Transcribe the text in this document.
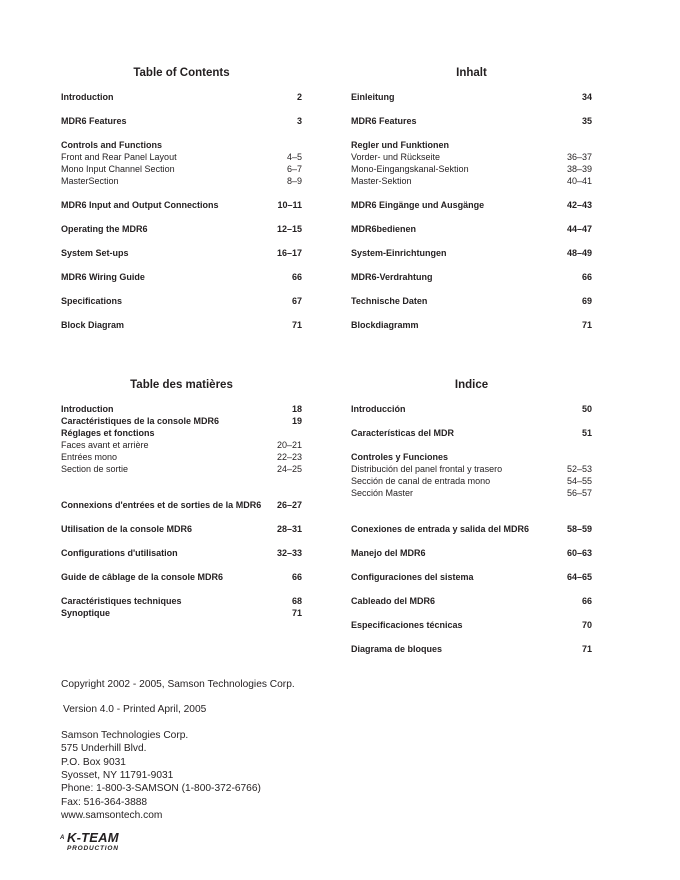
Table of Contents
Introduction	2
MDR6 Features	3
Controls and Functions
Front and Rear Panel Layout	4–5
Mono Input Channel Section	6–7
MasterSection	8–9
MDR6 Input and Output Connections	10–11
Operating the MDR6	12–15
System Set-ups	16–17
MDR6 Wiring Guide	66
Specifications	67
Block Diagram	71
Inhalt
Einleitung	34
MDR6 Features	35
Regler und Funktionen
Vorder- und Rückseite	36–37
Mono-Eingangskanal-Sektion	38–39
Master-Sektion	40–41
MDR6 Eingänge und Ausgänge	42–43
MDR6bedienen	44–47
System-Einrichtungen	48–49
MDR6-Verdrahtung	66
Technische Daten	69
Blockdiagramm	71
Table des matières
Introduction	18
Caractéristiques de la console MDR6	19
Réglages et fonctions
Faces avant et arrière	20–21
Entrées mono	22–23
Section de sortie	24–25
Connexions d'entrées et de sorties de la MDR6 26–27
Utilisation de la console MDR6	28–31
Configurations d'utilisation	32–33
Guide de câblage de la console MDR6	66
Caractéristiques techniques	68
Synoptique	71
Indice
Introducción	50
Características del MDR	51
Controles y Funciones
Distribución del panel frontal y trasero	52–53
Sección de canal de entrada mono	54–55
Sección Master	56–57
Conexiones de entrada y salida del MDR6	58–59
Manejo del MDR6	60–63
Configuraciones del sistema	64–65
Cableado del MDR6	66
Especificaciones técnicas	70
Diagrama de bloques	71

Copyright 2002 - 2005, Samson Technologies Corp.

Version 4.0 - Printed April, 2005

Samson Technologies Corp.

575 Underhill Blvd.

P.O. Box 9031

Syosset, NY 11791-9031

Phone: 1-800-3-SAMSON (1-800-372-6766)

Fax: 516-364-3888

www.samsontech.com

A K-TEAM
PRODUCTION
